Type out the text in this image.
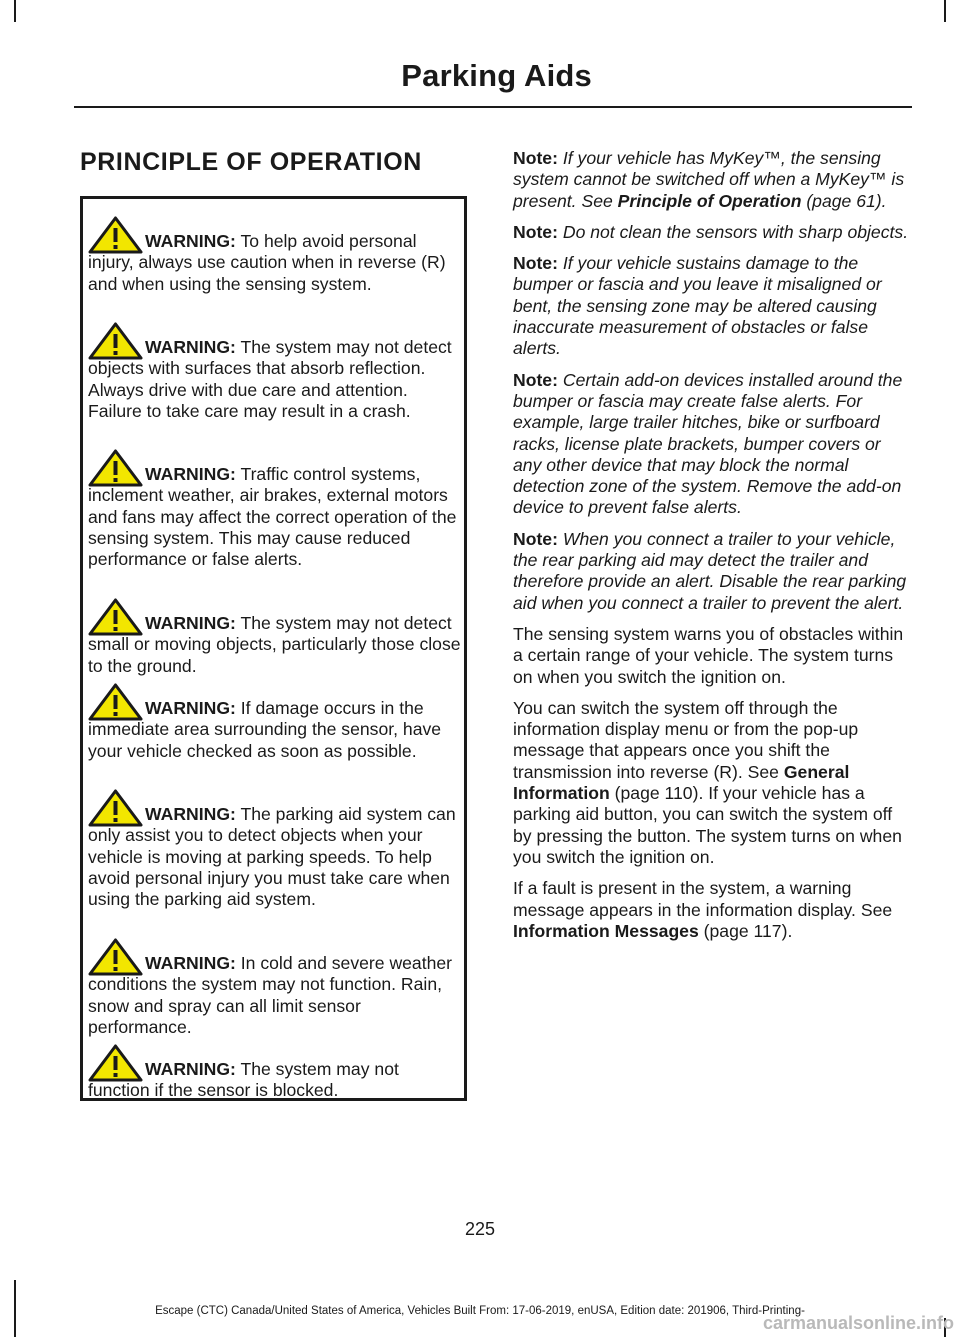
Parking Aids
PRINCIPLE OF OPERATION
WARNING: To help avoid personal injury, always use caution when in reverse (R) and when using the sensing system.
WARNING: The system may not detect objects with surfaces that absorb reflection. Always drive with due care and attention. Failure to take care may result in a crash.
WARNING: Traffic control systems, inclement weather, air brakes, external motors and fans may affect the correct operation of the sensing system. This may cause reduced performance or false alerts.
WARNING: The system may not detect small or moving objects, particularly those close to the ground.
WARNING: If damage occurs in the immediate area surrounding the sensor, have your vehicle checked as soon as possible.
WARNING: The parking aid system can only assist you to detect objects when your vehicle is moving at parking speeds. To help avoid personal injury you must take care when using the parking aid system.
WARNING: In cold and severe weather conditions the system may not function. Rain, snow and spray can all limit sensor performance.
WARNING: The system may not function if the sensor is blocked.

Note: If your vehicle has MyKey™, the sensing system cannot be switched off when a MyKey™ is present. See Principle of Operation (page 61).

Note: Do not clean the sensors with sharp objects.

Note: If your vehicle sustains damage to the bumper or fascia and you leave it misaligned or bent, the sensing zone may be altered causing inaccurate measurement of obstacles or false alerts.

Note: Certain add-on devices installed around the bumper or fascia may create false alerts. For example, large trailer hitches, bike or surfboard racks, license plate brackets, bumper covers or any other device that may block the normal detection zone of the system. Remove the add-on device to prevent false alerts.

Note: When you connect a trailer to your vehicle, the rear parking aid may detect the trailer and therefore provide an alert. Disable the rear parking aid when you connect a trailer to prevent the alert.

The sensing system warns you of obstacles within a certain range of your vehicle. The system turns on when you switch the ignition on.

You can switch the system off through the information display menu or from the pop-up message that appears once you shift the transmission into reverse (R). See General Information (page 110). If your vehicle has a parking aid button, you can switch the system off by pressing the button. The system turns on when you switch the ignition on.

If a fault is present in the system, a warning message appears in the information display. See Information Messages (page 117).

225
Escape (CTC) Canada/United States of America, Vehicles Built From: 17-06-2019, enUSA, Edition date: 201906, Third-Printing-
carmanualsonline.info
